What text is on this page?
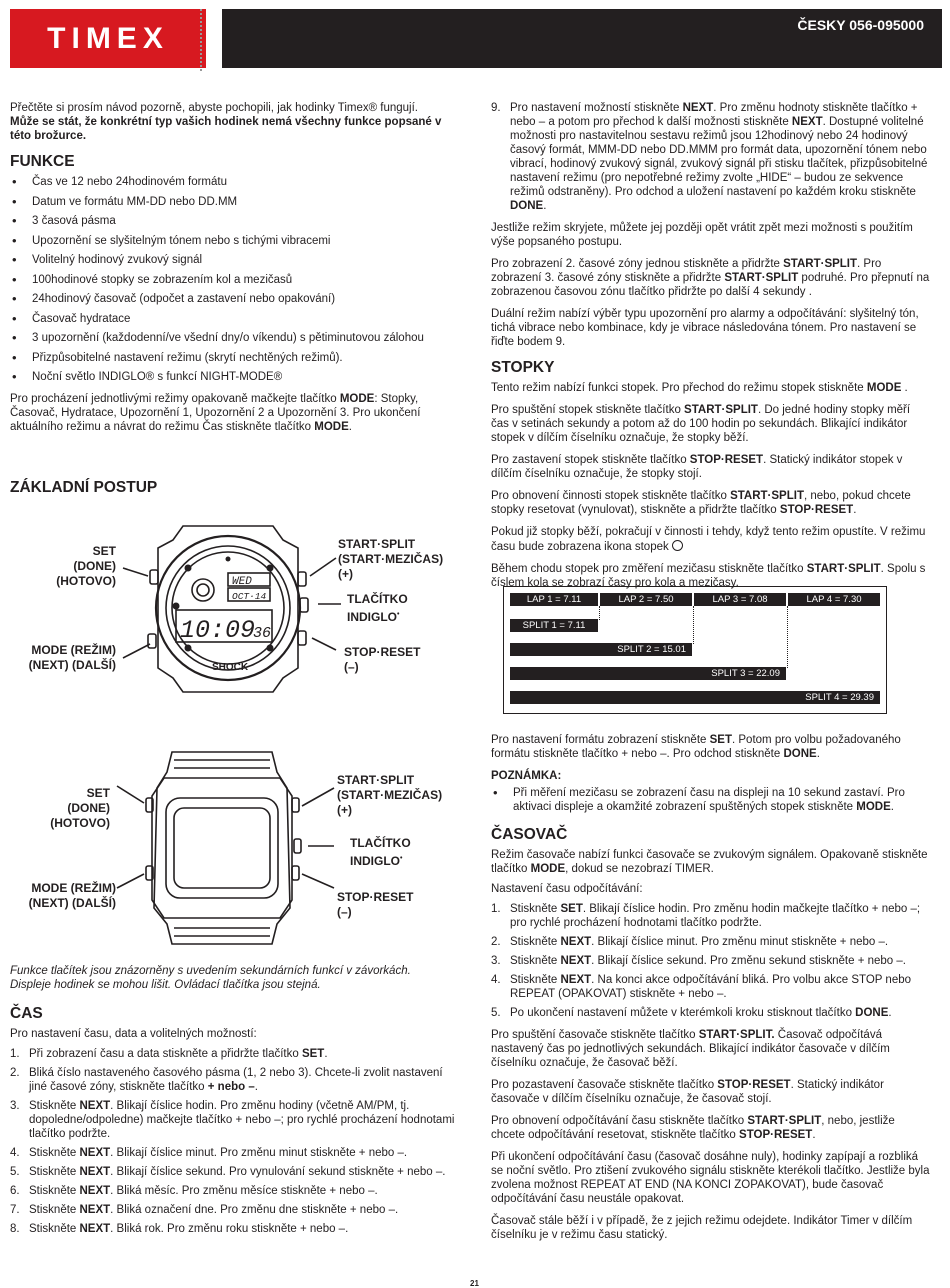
TIMEX	ČESKY 056-095000

Přečtěte si prosím návod pozorně, abyste pochopili, jak hodinky Timex® fungují.
Může se stát, že konkrétní typ vašich hodinek nemá všechny funkce popsané v této brožurce.

FUNKCE
• Čas ve 12 nebo 24hodinovém formátu
• Datum ve formátu MM-DD nebo DD.MM
• 3 časová pásma
• Upozornění se slyšitelným tónem nebo s tichými vibracemi
• Volitelný hodinový zvukový signál
• 100hodinové stopky se zobrazením kol a mezičasů
• 24hodinový časovač (odpočet a zastavení nebo opakování)
• Časovač hydratace
• 3 upozornění (každodenní/ve všední dny/o víkendu) s pětiminutovou zálohou
• Přizpůsobitelné nastavení režimu (skrytí nechtěných režimů).
• Noční světlo INDIGLO® s funkcí NIGHT-MODE®

Pro procházení jednotlivými režimy opakovaně mačkejte tlačítko MODE: Stopky, Časovač, Hydratace, Upozornění 1, Upozornění 2 a Upozornění 3. Pro ukončení aktuálního režimu a návrat do režimu Čas stiskněte tlačítko MODE.

ZÁKLADNÍ POSTUP
SET
(DONE)
(HOTOVO)
MODE (REŽIM)
(NEXT) (DALŠÍ)
START·SPLIT
(START·MEZIČAS)
(+)
TLAČÍTKO
INDIGLO•
STOP·RESET
(–)
WED
OCT·14
10:09
36
SHOCK
SET
(DONE)
(HOTOVO)
MODE (REŽIM)
(NEXT) (DALŠÍ)
START·SPLIT
(START·MEZIČAS)
(+)
TLAČÍTKO
INDIGLO•
STOP·RESET
(–)
Funkce tlačítek jsou znázorněny s uvedením sekundárních funkcí v závorkách.
Displeje hodinek se mohou lišit. Ovládací tlačítka jsou stejná.
ČAS

Pro nastavení času, data a volitelných možností:

1. Při zobrazení času a data stiskněte a přidržte tlačítko SET.
2. Bliká číslo nastaveného časového pásma (1, 2 nebo 3). Chcete-li zvolit nastavení jiné časové zóny, stiskněte tlačítko + nebo –.
3. Stiskněte NEXT. Blikají číslice hodin. Pro změnu hodiny (včetně AM/PM, tj. dopoledne/odpoledne) mačkejte tlačítko + nebo –; pro rychlé procházení hodnotami tlačítko podržte.
4. Stiskněte NEXT. Blikají číslice minut. Pro změnu minut stiskněte + nebo –.
5. Stiskněte NEXT. Blikají číslice sekund. Pro vynulování sekund stiskněte + nebo –.
6. Stiskněte NEXT. Bliká měsíc. Pro změnu měsíce stiskněte + nebo –.
7. Stiskněte NEXT. Bliká označení dne. Pro změnu dne stiskněte + nebo –.
8. Stiskněte NEXT. Bliká rok. Pro změnu roku stiskněte + nebo –.
9. Pro nastavení možností stiskněte NEXT. Pro změnu hodnoty stiskněte tlačítko + nebo – a potom pro přechod k další možnosti stiskněte NEXT. Dostupné volitelné možnosti pro nastavitelnou sestavu režimů jsou 12hodinový nebo 24 hodinový časový formát, MMM-DD nebo DD.MMM pro formát data, upozornění tónem nebo vibrací, hodinový zvukový signál, zvukový signál při stisku tlačítek, přizpůsobitelné nastavení režimu (pro nepotřebné režimy zvolte „HIDE“ – budou ze sekvence režimů odstraněny). Pro odchod a uložení nastavení po každém kroku stiskněte DONE.

Jestliže režim skryjete, můžete jej později opět vrátit zpět mezi možnosti s použitím výše popsaného postupu.

Pro zobrazení 2. časové zóny jednou stiskněte a přidržte START·SPLIT. Pro zobrazení 3. časové zóny stiskněte a přidržte START·SPLIT podruhé. Pro přepnutí na zobrazenou časovou zónu tlačítko přidržte po další 4 sekundy .

Duální režim nabízí výběr typu upozornění pro alarmy a odpočítávání: slyšitelný tón, tichá vibrace nebo kombinace, kdy je vibrace následována tónem. Pro nastavení se řiďte bodem 9.

STOPKY

Tento režim nabízí funkci stopek. Pro přechod do režimu stopek stiskněte MODE .

Pro spuštění stopek stiskněte tlačítko START·SPLIT. Do jedné hodiny stopky měří čas v setinách sekundy a potom až do 100 hodin po sekundách. Blikající indikátor stopek v dílčím číselníku označuje, že stopky běží.

Pro zastavení stopek stiskněte tlačítko STOP·RESET. Statický indikátor stopek v dílčím číselníku označuje, že stopky stojí.

Pro obnovení činnosti stopek stiskněte tlačítko START·SPLIT, nebo, pokud chcete stopky resetovat (vynulovat), stiskněte a přidržte tlačítko STOP·RESET.

Pokud již stopky běží, pokračují v činnosti i tehdy, když tento režim opustíte. V režimu času bude zobrazena ikona stopek

Během chodu stopek pro změření mezičasu stiskněte tlačítko START·SPLIT. Spolu s číslem kola se zobrazí časy pro kola a mezičasy.

LAP 1 = 7.11	LAP 2 = 7.50	LAP 3 = 7.08	LAP 4 = 7.30
SPLIT 1 = 7.11
SPLIT 2 = 15.01
SPLIT 3 = 22.09
SPLIT 4 = 29.39

Pro nastavení formátu zobrazení stiskněte SET. Potom pro volbu požadovaného formátu stiskněte tlačítko + nebo –. Pro odchod stiskněte DONE.

POZNÁMKA:
• Při měření mezičasu se zobrazení času na displeji na 10 sekund zastaví. Pro aktivaci displeje a okamžité zobrazení spuštěných stopek stiskněte MODE.
ČASOVAČ

Režim časovače nabízí funkci časovače se zvukovým signálem. Opakovaně stiskněte tlačítko MODE, dokud se nezobrazí TIMER.

Nastavení času odpočítávání:

1. Stiskněte SET. Blikají číslice hodin. Pro změnu hodin mačkejte tlačítko + nebo –; pro rychlé procházení hodnotami tlačítko podržte.
2. Stiskněte NEXT. Blikají číslice minut. Pro změnu minut stiskněte + nebo –.
3. Stiskněte NEXT. Blikají číslice sekund. Pro změnu sekund stiskněte + nebo –.
4. Stiskněte NEXT. Na konci akce odpočítávání bliká. Pro volbu akce STOP nebo REPEAT (OPAKOVAT) stiskněte + nebo –.
5. Po ukončení nastavení můžete v kterémkoli kroku stisknout tlačítko DONE.

Pro spuštění časovače stiskněte tlačítko START·SPLIT. Časovač odpočítává nastavený čas po jednotlivých sekundách. Blikající indikátor časovače v dílčím číselníku označuje, že časovač běží.

Pro pozastavení časovače stiskněte tlačítko STOP·RESET. Statický indikátor časovače v dílčím číselníku označuje, že časovač stojí.

Pro obnovení odpočítávání času stiskněte tlačítko START·SPLIT, nebo, jestliže chcete odpočítávání resetovat, stiskněte tlačítko STOP·RESET.

Při ukončení odpočítávání času (časovač dosáhne nuly), hodinky zapípají a rozbliká se noční světlo. Pro ztišení zvukového signálu stiskněte kterékoli tlačítko. Jestliže byla zvolena možnost REPEAT AT END (NA KONCI ZOPAKOVAT), bude časovač odpočítávání času neustále opakovat.

Časovač stále běží i v případě, že z jejich režimu odejdete. Indikátor Timer v dílčím číselníku je v režimu času statický.

21
